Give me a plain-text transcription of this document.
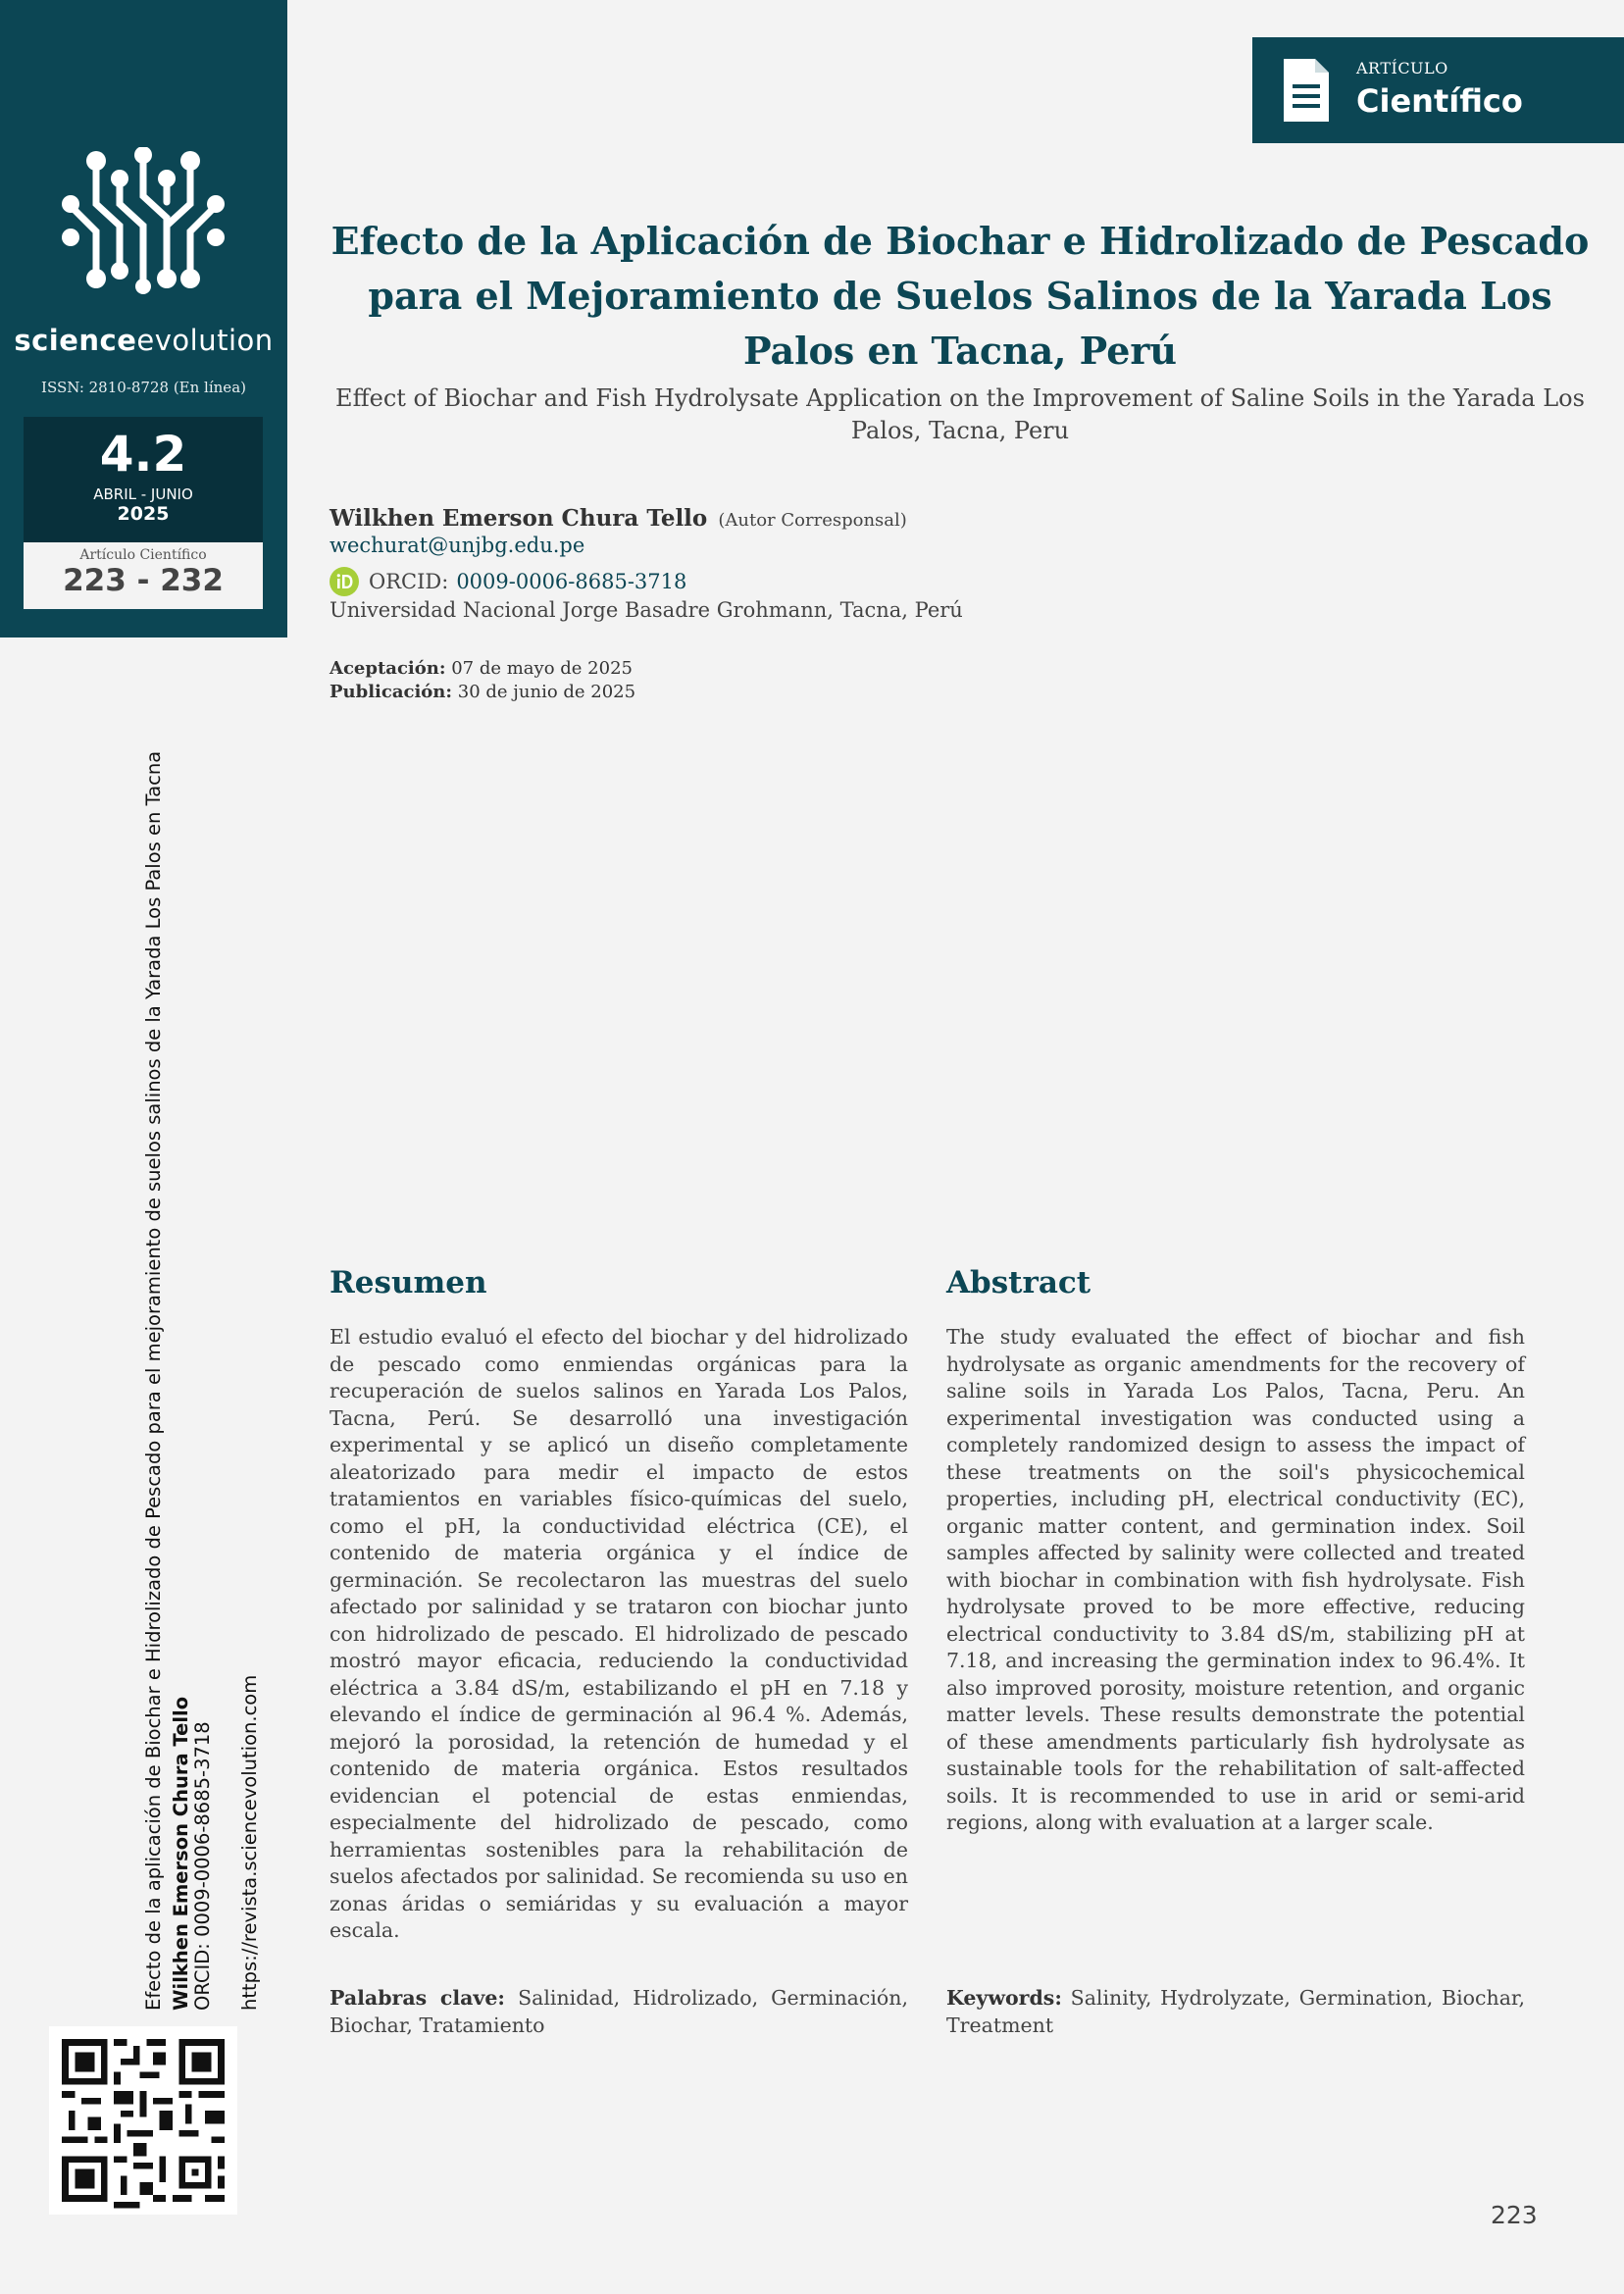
scienceevolution
ISSN: 2810-8728 (En línea)
4.2
ABRIL - JUNIO
2025
Artículo Científico
223 - 232
Efecto de la aplicación de Biochar e Hidrolizado de Pescado para el mejoramiento de suelos salinos de la Yarada Los Palos en Tacna Wilkhen Emerson Chura Tello ORCID: 0009-0006-8685-3718 https://revista.sciencevolution.com
ARTÍCULO
Científico
Efecto de la Aplicación de Biochar e Hidrolizado de Pescado para el Mejoramiento de Suelos Salinos de la Yarada Los Palos en Tacna, Perú
Effect of Biochar and Fish Hydrolysate Application on the Improvement of Saline Soils in the Yarada Los Palos, Tacna, Peru
Wilkhen Emerson Chura Tello (Autor Corresponsal)
wechurat@unjbg.edu.pe
ORCID: 0009-0006-8685-3718
Universidad Nacional Jorge Basadre Grohmann, Tacna, Perú
Aceptación: 07 de mayo de 2025
Publicación: 30 de junio de 2025
Resumen
El estudio evaluó el efecto del biochar y del hidrolizado de pescado como enmiendas orgánicas para la recuperación de suelos salinos en Yarada Los Palos, Tacna, Perú. Se desarrolló una investigación experimental y se aplicó un diseño completamente aleatorizado para medir el impacto de estos tratamientos en variables físico-químicas del suelo, como el pH, la conductividad eléctrica (CE), el contenido de materia orgánica y el índice de germinación. Se recolectaron las muestras del suelo afectado por salinidad y se trataron con biochar junto con hidrolizado de pescado. El hidrolizado de pescado mostró mayor eficacia, reduciendo la conductividad eléctrica a 3.84 dS/m, estabilizando el pH en 7.18 y elevando el índice de germinación al 96.4 %. Además, mejoró la porosidad, la retención de humedad y el contenido de materia orgánica. Estos resultados evidencian el potencial de estas enmiendas, especialmente del hidrolizado de pescado, como herramientas sostenibles para la rehabilitación de suelos afectados por salinidad. Se recomienda su uso en zonas áridas o semiáridas y su evaluación a mayor escala.
Palabras clave: Salinidad, Hidrolizado, Germinación, Biochar, Tratamiento
Abstract
The study evaluated the effect of biochar and fish hydrolysate as organic amendments for the recovery of saline soils in Yarada Los Palos, Tacna, Peru. An experimental investigation was conducted using a completely randomized design to assess the impact of these treatments on the soil's physicochemical properties, including pH, electrical conductivity (EC), organic matter content, and germination index. Soil samples affected by salinity were collected and treated with biochar in combination with fish hydrolysate. Fish hydrolysate proved to be more effective, reducing electrical conductivity to 3.84 dS/m, stabilizing pH at 7.18, and increasing the germination index to 96.4%. It also improved porosity, moisture retention, and organic matter levels. These results demonstrate the potential of these amendments particularly fish hydrolysate as sustainable tools for the rehabilitation of salt-affected soils. It is recommended to use in arid or semi-arid regions, along with evaluation at a larger scale.
Keywords: Salinity, Hydrolyzate, Germination, Biochar, Treatment
223
